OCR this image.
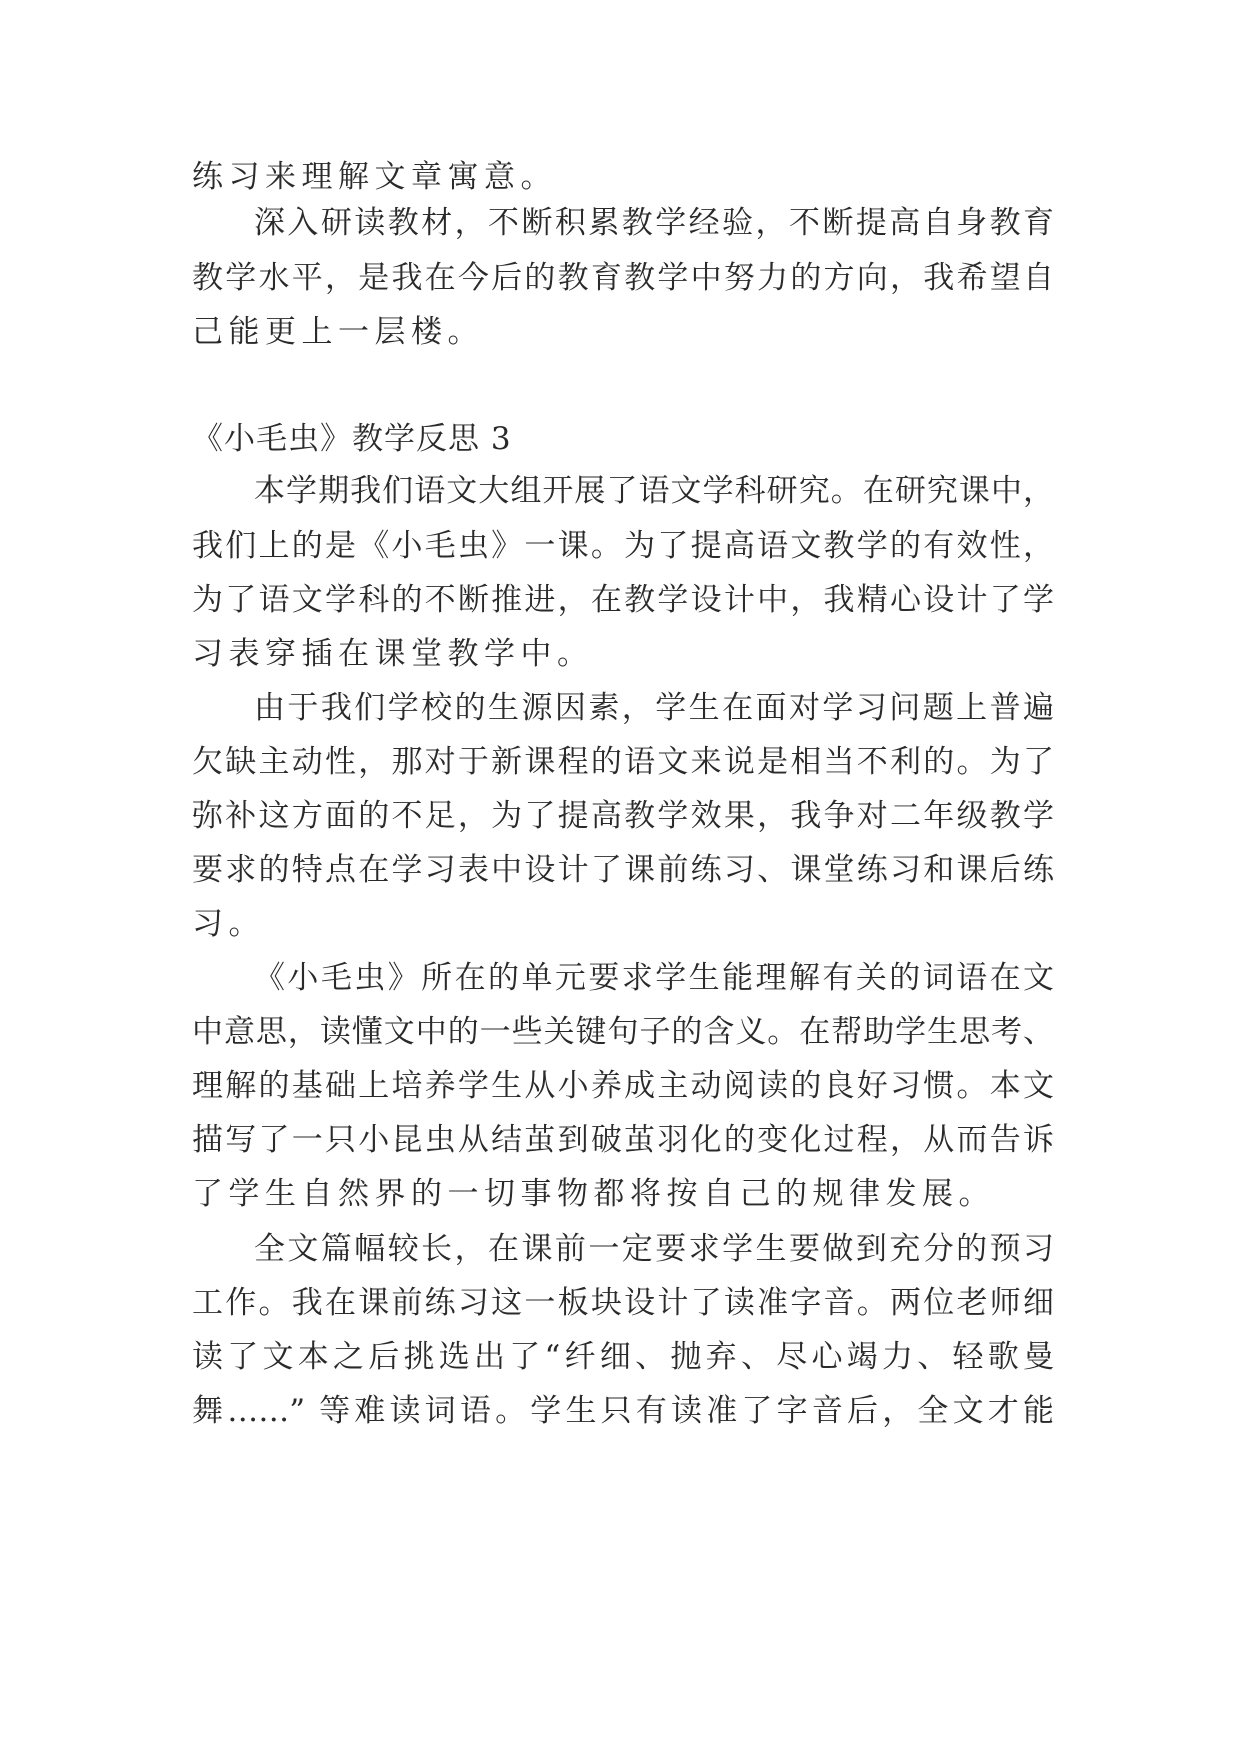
练习来理解文章寓意。
深入研读教材，不断积累教学经验，不断提高自身教育
教学水平，是我在今后的教育教学中努力的方向，我希望自
己能更上一层楼。
《小毛虫》教学反思 3
本学期我们语文大组开展了语文学科研究。在研究课中，
我们上的是《小毛虫》一课。为了提高语文教学的有效性，
为了语文学科的不断推进，在教学设计中，我精心设计了学
习表穿插在课堂教学中。
由于我们学校的生源因素，学生在面对学习问题上普遍
欠缺主动性，那对于新课程的语文来说是相当不利的。为了
弥补这方面的不足，为了提高教学效果，我争对二年级教学
要求的特点在学习表中设计了课前练习、课堂练习和课后练
习。
《小毛虫》所在的单元要求学生能理解有关的词语在文
中意思，读懂文中的一些关键句子的含义。在帮助学生思考、
理解的基础上培养学生从小养成主动阅读的良好习惯。本文
描写了一只小昆虫从结茧到破茧羽化的变化过程，从而告诉
了学生自然界的一切事物都将按自己的规律发展。
全文篇幅较长，在课前一定要求学生要做到充分的预习
工作。我在课前练习这一板块设计了读准字音。两位老师细
读了文本之后挑选出了“纤细、抛弃、尽心竭力、轻歌曼
舞……” 等难读词语。学生只有读准了字音后，全文才能
